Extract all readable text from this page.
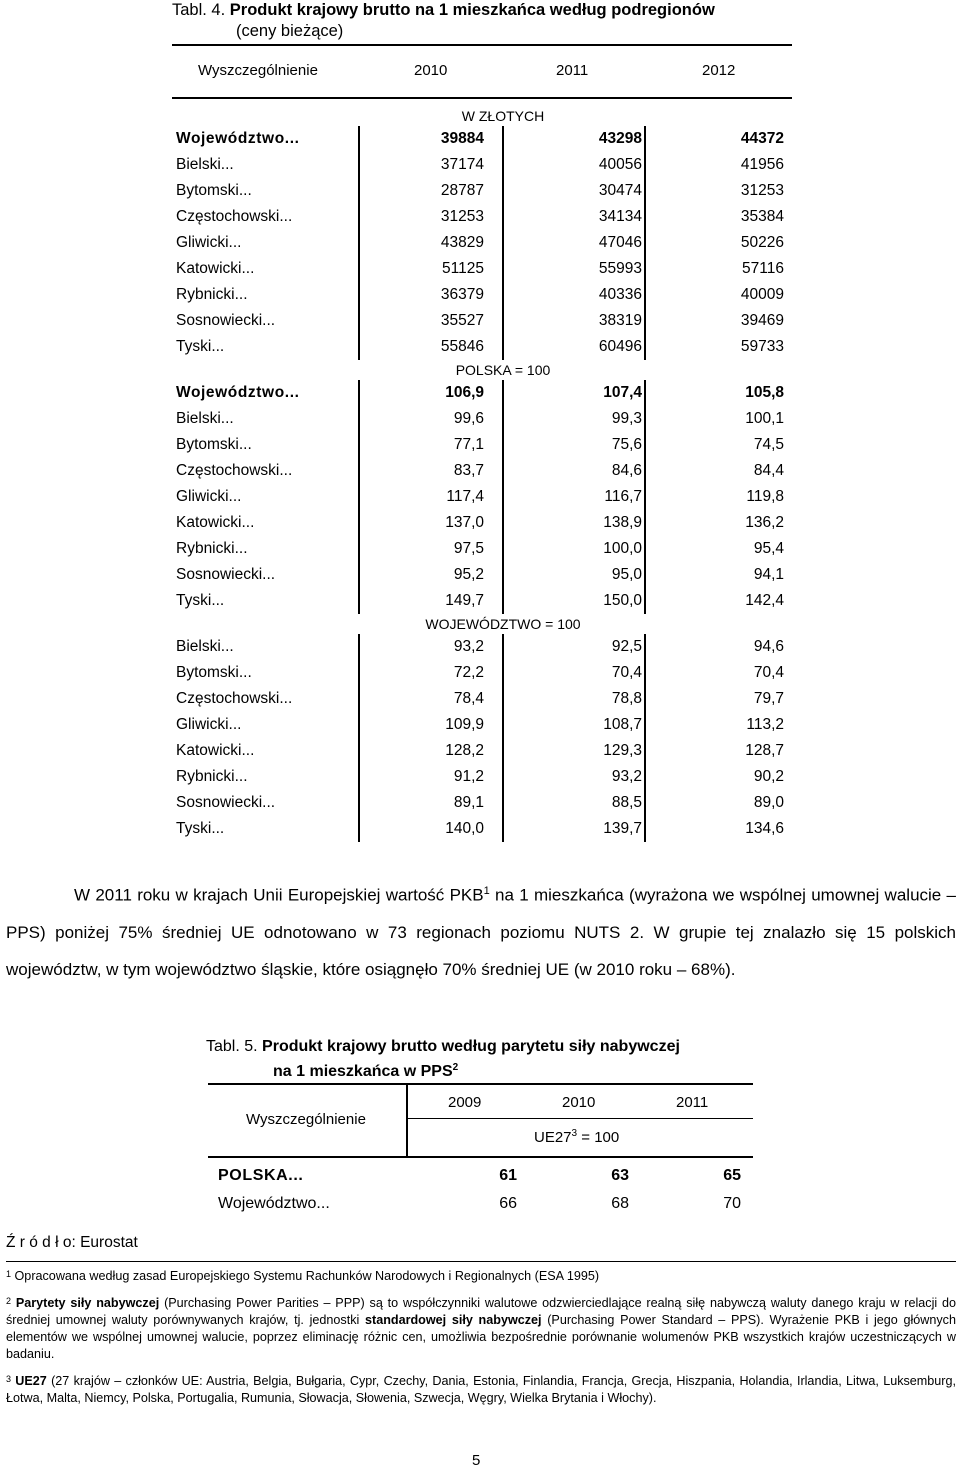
Tabl. 4. Produkt krajowy brutto na 1 mieszkańca według podregionów
(ceny bieżące)
Wyszczególnienie	2010	2011	2012
W ZŁOTYCH
Województwo...	39884	43298	44372
Bielski...	37174	40056	41956
Bytomski...	28787	30474	31253
Częstochowski...	31253	34134	35384
Gliwicki...	43829	47046	50226
Katowicki...	51125	55993	57116
Rybnicki...	36379	40336	40009
Sosnowiecki...	35527	38319	39469
Tyski...	55846	60496	59733
POLSKA = 100
Województwo...	106,9	107,4	105,8
Bielski...	99,6	99,3	100,1
Bytomski...	77,1	75,6	74,5
Częstochowski...	83,7	84,6	84,4
Gliwicki...	117,4	116,7	119,8
Katowicki...	137,0	138,9	136,2
Rybnicki...	97,5	100,0	95,4
Sosnowiecki...	95,2	95,0	94,1
Tyski...	149,7	150,0	142,4
WOJEWÓDZTWO = 100
Bielski...	93,2	92,5	94,6
Bytomski...	72,2	70,4	70,4
Częstochowski...	78,4	78,8	79,7
Gliwicki...	109,9	108,7	113,2
Katowicki...	128,2	129,3	128,7
Rybnicki...	91,2	93,2	90,2
Sosnowiecki...	89,1	88,5	89,0
Tyski...	140,0	139,7	134,6

W 2011 roku w krajach Unii Europejskiej wartość PKB$^1$ na 1 mieszkańca (wyrażona we wspólnej umownej walucie – PPS) poniżej 75% średniej UE odnotowano w 73 regionach poziomu NUTS 2. W grupie tej znalazło się 15 polskich województw, w tym województwo śląskie, które osiągnęło 70% średniej UE (w 2010 roku – 68%).

Tabl. 5. Produkt krajowy brutto według parytetu siły nabywczej
na 1 mieszkańca w PPS$^2$
Wyszczególnienie
2009	2010	2011
$UE27^3 = 100$
POLSKA...	61	63	65
Województwo...	66	68	70
Ź r ó d ł o: Eurostat
$^1$ Opracowana według zasad Europejskiego Systemu Rachunków Narodowych i Regionalnych (ESA 1995)
$^2$ Parytety siły nabywczej (Purchasing Power Parities – PPP) są to współczynniki walutowe odzwierciedlające realną siłę nabywczą waluty danego kraju w relacji do średniej umownej waluty porównywanych krajów, tj. jednostki standardowej siły nabywczej (Purchasing Power Standard – PPS). Wyrażenie PKB i jego głównych elementów we wspólnej umownej walucie, poprzez eliminację różnic cen, umożliwia bezpośrednie porównanie wolumenów PKB wszystkich krajów uczestniczących w badaniu.
$^3$ UE27 (27 krajów – członków UE: Austria, Belgia, Bułgaria, Cypr, Czechy, Dania, Estonia, Finlandia, Francja, Grecja, Hiszpania, Holandia, Irlandia, Litwa, Luksemburg, Łotwa, Malta, Niemcy, Polska, Portugalia, Rumunia, Słowacja, Słowenia, Szwecja, Węgry, Wielka Brytania i Włochy).
5
